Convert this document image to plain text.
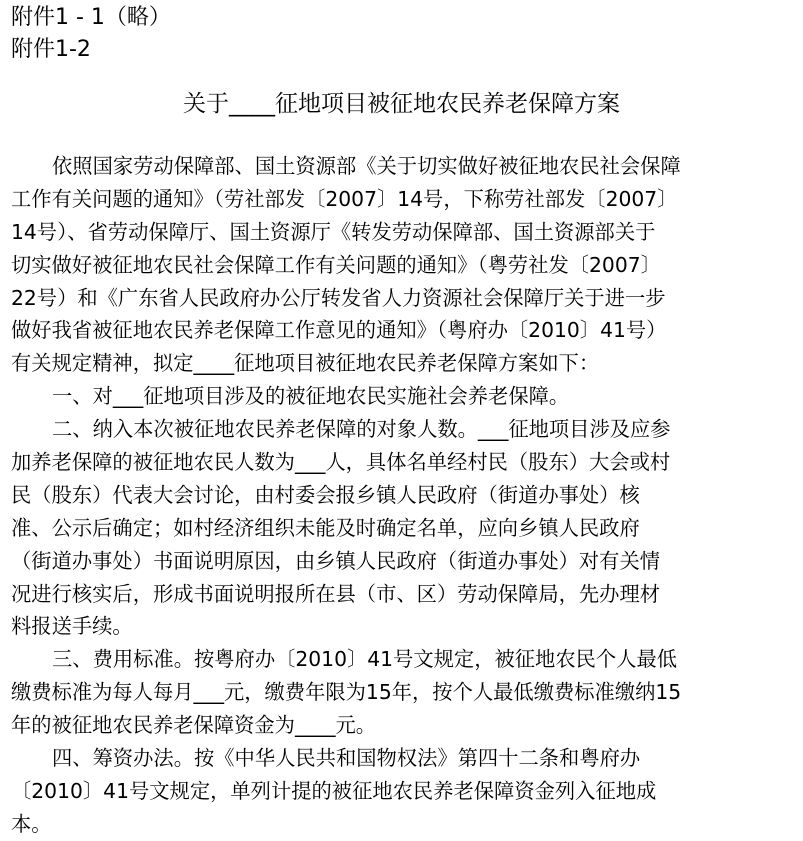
附件1 - 1（略）
附件1-2
关于____征地项目被征地农民养老保障方案
依照国家劳动保障部、国土资源部《关于切实做好被征地农民社会保障
工作有关问题的通知》（劳社部发〔2007〕14号，下称劳社部发〔2007〕
14号）、省劳动保障厅、国土资源厅《转发劳动保障部、国土资源部关于
切实做好被征地农民社会保障工作有关问题的通知》（粤劳社发〔2007〕
22号）和《广东省人民政府办公厅转发省人力资源社会保障厅关于进一步
做好我省被征地农民养老保障工作意见的通知》（粤府办〔2010〕41号）
有关规定精神，拟定____征地项目被征地农民养老保障方案如下：
一、对___征地项目涉及的被征地农民实施社会养老保障。
二、纳入本次被征地农民养老保障的对象人数。___征地项目涉及应参
加养老保障的被征地农民人数为___人，具体名单经村民（股东）大会或村
民（股东）代表大会讨论，由村委会报乡镇人民政府（街道办事处）核
准、公示后确定；如村经济组织未能及时确定名单，应向乡镇人民政府
（街道办事处）书面说明原因，由乡镇人民政府（街道办事处）对有关情
况进行核实后，形成书面说明报所在县（市、区）劳动保障局，先办理材
料报送手续。
三、费用标准。按粤府办〔2010〕41号文规定，被征地农民个人最低
缴费标准为每人每月___元，缴费年限为15年，按个人最低缴费标准缴纳15
年的被征地农民养老保障资金为____元。
四、筹资办法。按《中华人民共和国物权法》第四十二条和粤府办
〔2010〕41号文规定，单列计提的被征地农民养老保障资金列入征地成
本。
